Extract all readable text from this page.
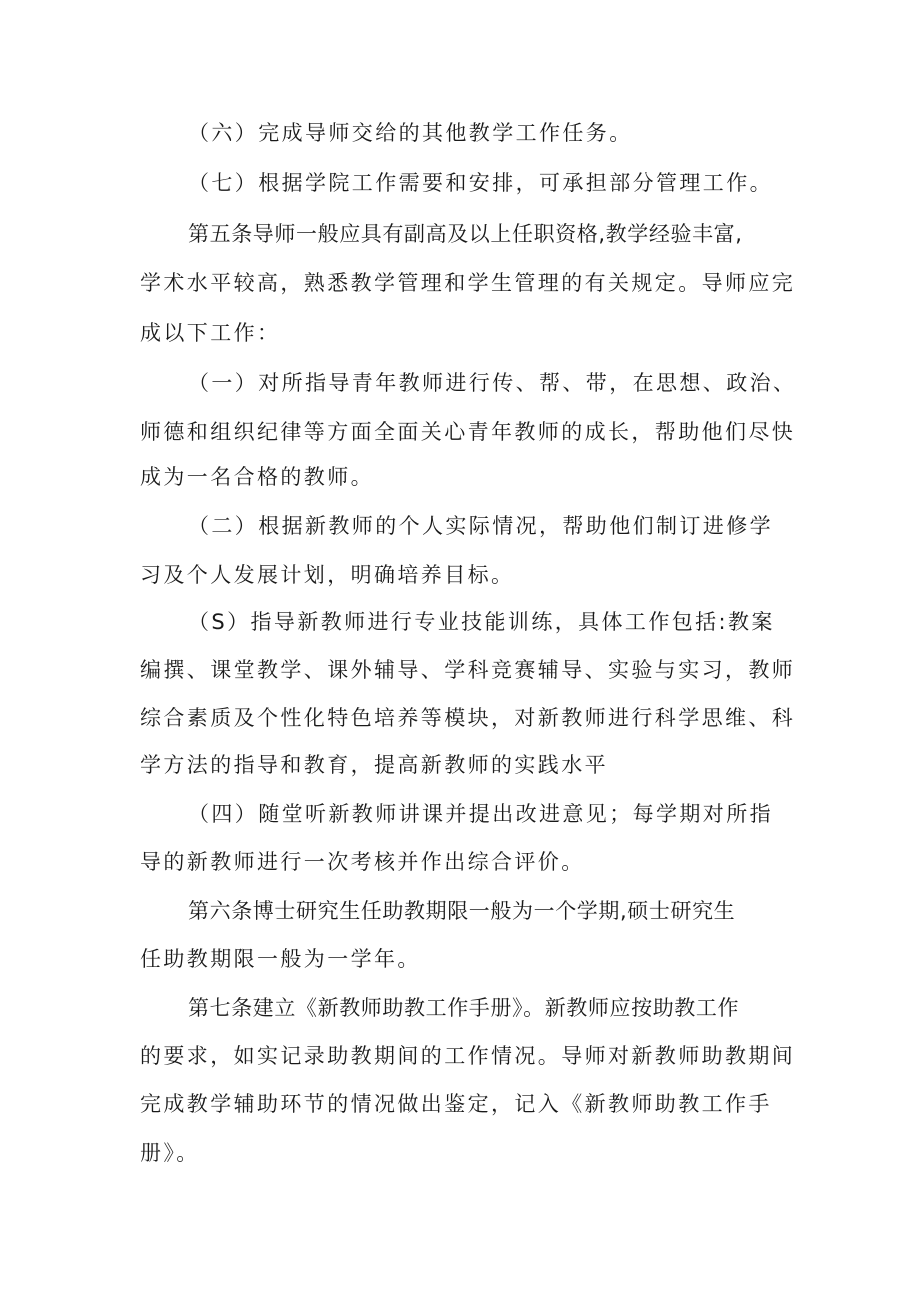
（六）完成导师交给的其他教学工作任务。
（七）根据学院工作需要和安排，可承担部分管理工作。
第五条导师一般应具有副高及以上任职资格,教学经验丰富,
学术水平较高，熟悉教学管理和学生管理的有关规定。导师应完
成以下工作：
（一）对所指导青年教师进行传、帮、带，在思想、政治、
师德和组织纪律等方面全面关心青年教师的成长，帮助他们尽快
成为一名合格的教师。
（二）根据新教师的个人实际情况，帮助他们制订进修学
习及个人发展计划，明确培养目标。
（S）指导新教师进行专业技能训练，具体工作包括:教案
编撰、课堂教学、课外辅导、学科竞赛辅导、实验与实习，教师
综合素质及个性化特色培养等模块，对新教师进行科学思维、科
学方法的指导和教育，提高新教师的实践水平
（四）随堂听新教师讲课并提出改进意见；每学期对所指
导的新教师进行一次考核并作出综合评价。
第六条博士研究生任助教期限一般为一个学期,硕士研究生
任助教期限一般为一学年。
第七条建立《新教师助教工作手册》。新教师应按助教工作
的要求，如实记录助教期间的工作情况。导师对新教师助教期间
完成教学辅助环节的情况做出鉴定，记入《新教师助教工作手
册》。
